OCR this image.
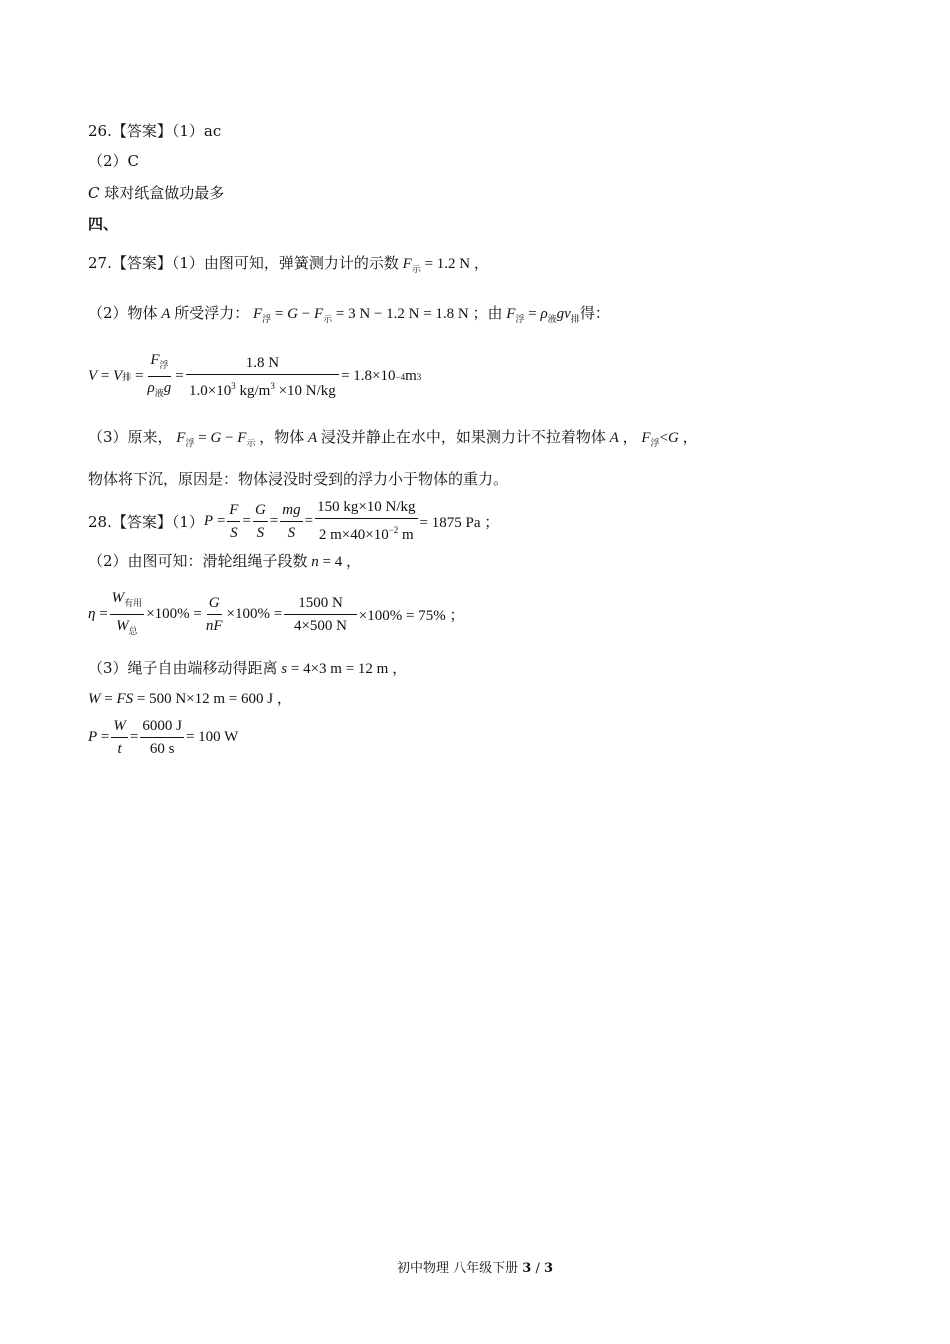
26.【答案】（1）ac
（2）C
C 球对纸盒做功最多
四、
27.【答案】（1）由图可知，弹簧测力计的示数 $F_示 = 1.2$ N ，
（2）物体 A 所受浮力： $F_浮 = G - F_示 = 3$ N − 1.2 N = 1.8 N ；由 $F_浮 = \rho_液gv_排$得：
V = V 排 = $\frac{F_浮}{\rho_液g} = \frac{1.8 N}{1.0\times 10^3 kg/m^3 \times 10 N/kg} = 1.8\times 10 -4$ m 3
（3）原来， $F_浮 = G - F_示$ ，物体 A 浸没并静止在水中，如果测力计不拉着物体 A ， $F_浮<G$ ，
物体将下沉，原因是：物体浸没时受到的浮力小于物体的重力。
28.【答案】（1） $P = \frac{F}{S} = \frac{G}{S} = \frac{mg}{S} = \frac{150 kg\times 10 N/kg}{2 m\times 40\times 10^{-2} m} = 1875$ Pa ；
（2）由图可知：滑轮组绳子段数 n = 4 ，
$\eta = \frac{W_{有用}}{W_总} \times 100\% = \frac{G}{nF} \times 100\% = \frac{1500 N}{4\times 500 N} \times 100\% = 75\%$ ；
（3）绳子自由端移动得距离 s = 4×3 m = 12 m ，
W = FS = 500 N×12 m = 600 J ，
$P = \frac{W}{t} = \frac{6000 J}{60 s} = 100$ W
初中物理 八年级下册 3 / 3
